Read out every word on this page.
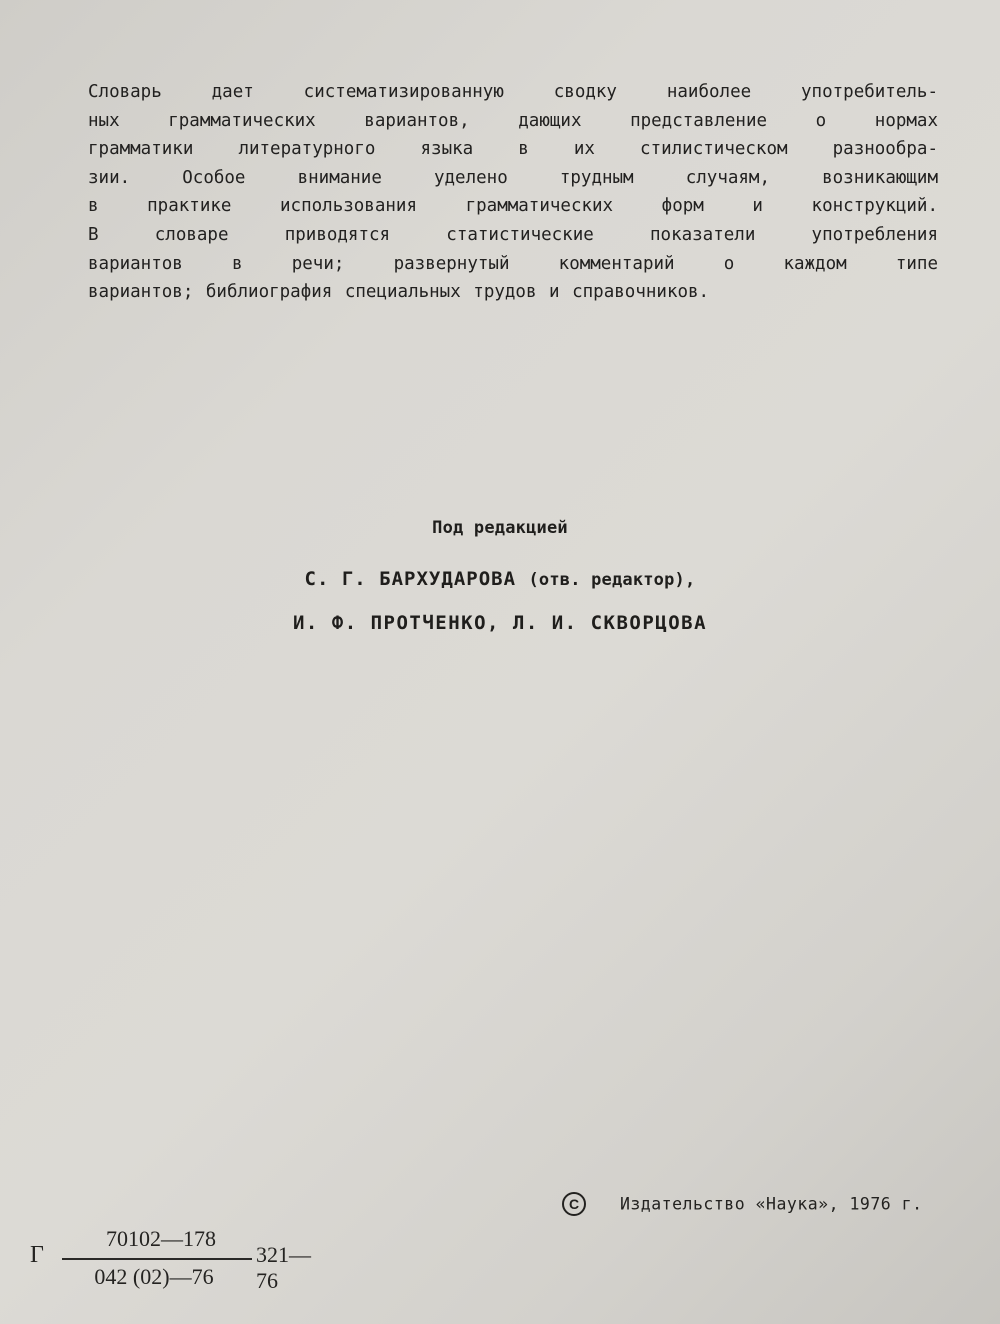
Словарь дает систематизированную сводку наиболее употребитель-
ных грамматических вариантов, дающих представление о нормах
грамматики литературного языка в их стилистическом разнообра-
зии. Особое внимание уделено трудным случаям, возникающим
в практике использования грамматических форм и конструкций.
В словаре приводятся статистические показатели употребления
вариантов в речи; развернутый комментарий о каждом типе
вариантов; библиография специальных трудов и справочников.
Под редакцией
С. Г. БАРХУДАРОВА (отв. редактор),
И. Ф. ПРОТЧЕНКО, Л. И. СКВОРЦОВА
Г
70102—178
042 (02)—76
321—76
C Издательство «Наука», 1976 г.
